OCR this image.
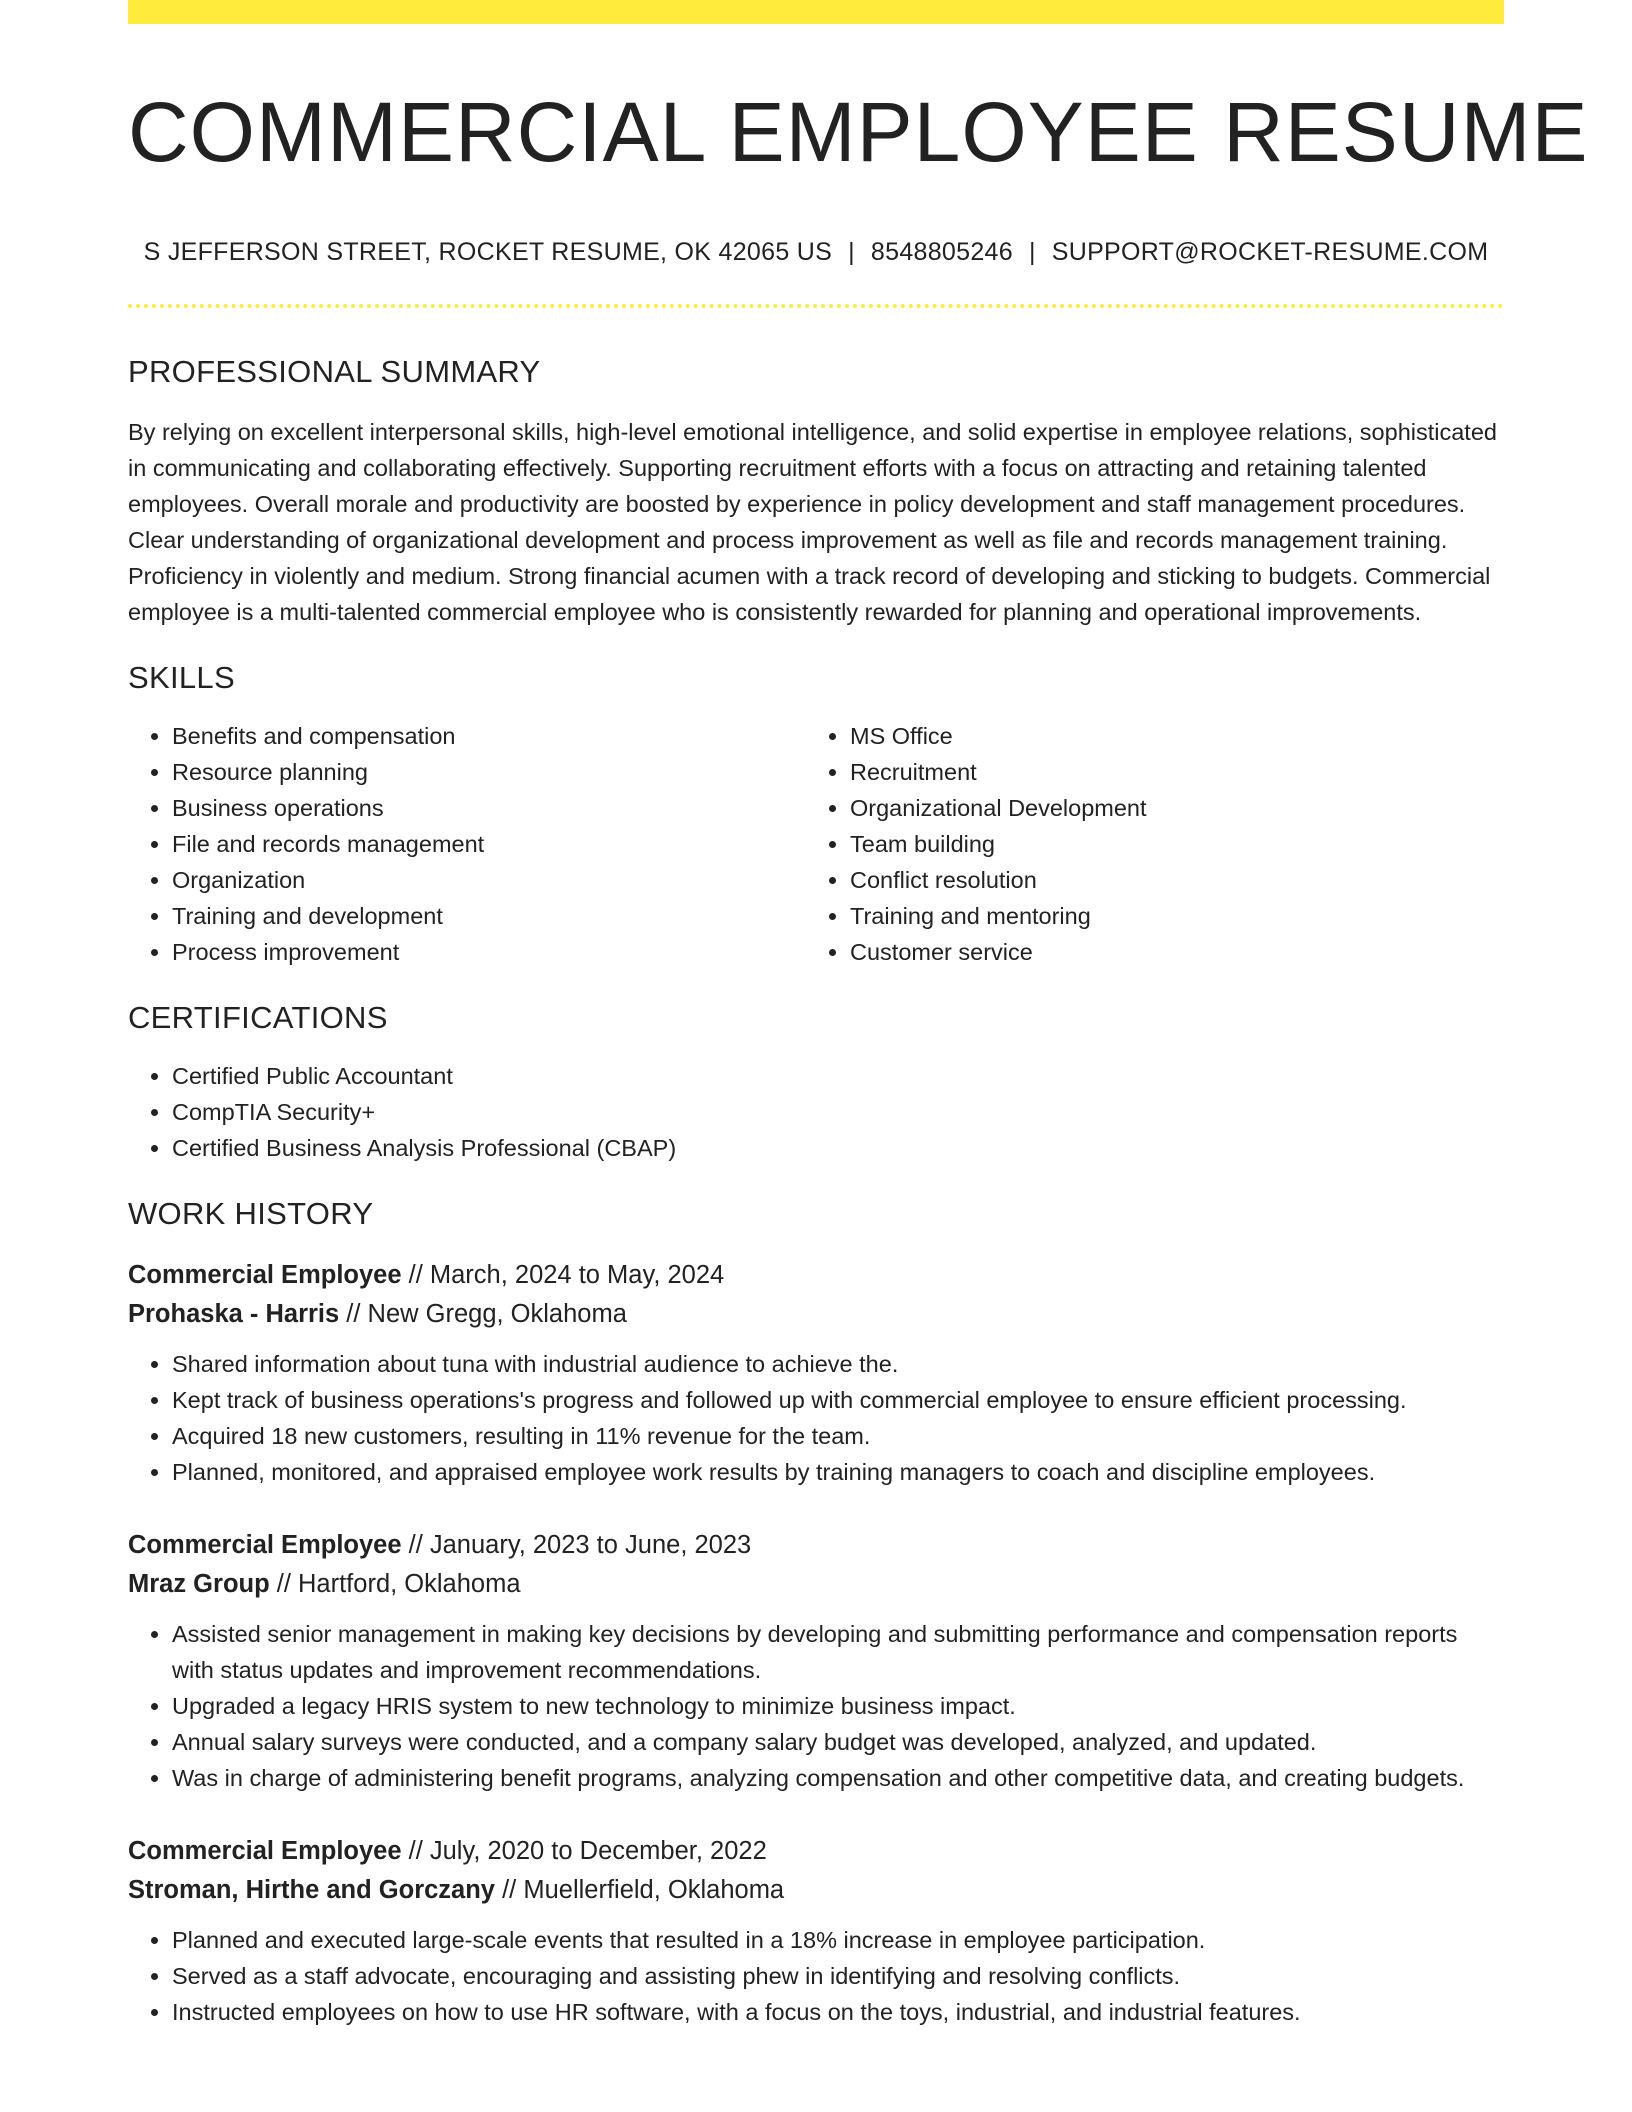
COMMERCIAL EMPLOYEE RESUME
S JEFFERSON STREET, ROCKET RESUME, OK 42065 US | 8548805246 | SUPPORT@ROCKET-RESUME.COM
PROFESSIONAL SUMMARY

By relying on excellent interpersonal skills, high-level emotional intelligence, and solid expertise in employee relations, sophisticated in communicating and collaborating effectively. Supporting recruitment efforts with a focus on attracting and retaining talented employees. Overall morale and productivity are boosted by experience in policy development and staff management procedures. Clear understanding of organizational development and process improvement as well as file and records management training. Proficiency in violently and medium. Strong financial acumen with a track record of developing and sticking to budgets. Commercial employee is a multi-talented commercial employee who is consistently rewarded for planning and operational improvements.

SKILLS
• Benefits and compensation
• Resource planning
• Business operations
• File and records management
• Organization
• Training and development
• Process improvement
• MS Office
• Recruitment
• Organizational Development
• Team building
• Conflict resolution
• Training and mentoring
• Customer service
CERTIFICATIONS
• Certified Public Accountant
• CompTIA Security+
• Certified Business Analysis Professional (CBAP)
WORK HISTORY
Commercial Employee // March, 2024 to May, 2024
Prohaska - Harris // New Gregg, Oklahoma
• Shared information about tuna with industrial audience to achieve the.
• Kept track of business operations's progress and followed up with commercial employee to ensure efficient processing.
• Acquired 18 new customers, resulting in 11% revenue for the team.
• Planned, monitored, and appraised employee work results by training managers to coach and discipline employees.
Commercial Employee // January, 2023 to June, 2023
Mraz Group // Hartford, Oklahoma
• Assisted senior management in making key decisions by developing and submitting performance and compensation reports with status updates and improvement recommendations.
• Upgraded a legacy HRIS system to new technology to minimize business impact.
• Annual salary surveys were conducted, and a company salary budget was developed, analyzed, and updated.
• Was in charge of administering benefit programs, analyzing compensation and other competitive data, and creating budgets.
Commercial Employee // July, 2020 to December, 2022
Stroman, Hirthe and Gorczany // Muellerfield, Oklahoma
• Planned and executed large-scale events that resulted in a 18% increase in employee participation.
• Served as a staff advocate, encouraging and assisting phew in identifying and resolving conflicts.
• Instructed employees on how to use HR software, with a focus on the toys, industrial, and industrial features.
